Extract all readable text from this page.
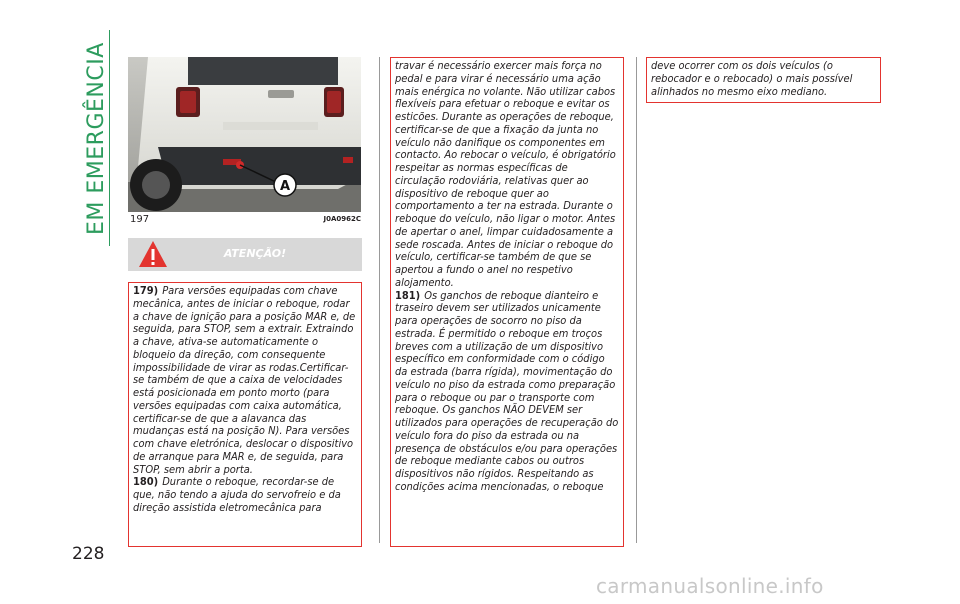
EM EMERGÊNCIA
228
A
197	J0A0962C
ATENÇÃO!

179) Para versões equipadas com chave mecânica, antes de iniciar o reboque, rodar a chave de ignição para a posição MAR e, de seguida, para STOP, sem a extrair. Extraindo a chave, ativa-se automaticamente o bloqueio da direção, com consequente impossibilidade de virar as rodas.Certificar-se também de que a caixa de velocidades está posicionada em ponto morto (para versões equipadas com caixa automática, certificar-se de que a alavanca das mudanças está na posição N). Para versões com chave eletrónica, deslocar o dispositivo de arranque para MAR e, de seguida, para STOP, sem abrir a porta.

180) Durante o reboque, recordar-se de que, não tendo a ajuda do servofreio e da direção assistida eletromecânica para

travar é necessário exercer mais força no pedal e para virar é necessário uma ação mais enérgica no volante. Não utilizar cabos flexíveis para efetuar o reboque e evitar os esticões. Durante as operações de reboque, certificar-se de que a fixação da junta no veículo não danifique os componentes em contacto. Ao rebocar o veículo, é obrigatório respeitar as normas específicas de circulação rodoviária, relativas quer ao dispositivo de reboque quer ao comportamento a ter na estrada. Durante o reboque do veículo, não ligar o motor. Antes de apertar o anel, limpar cuidadosamente a sede roscada. Antes de iniciar o reboque do veículo, certificar-se também de que se apertou a fundo o anel no respetivo alojamento.

181) Os ganchos de reboque dianteiro e traseiro devem ser utilizados unicamente para operações de socorro no piso da estrada. É permitido o reboque em troços breves com a utilização de um dispositivo específico em conformidade com o código da estrada (barra rígida), movimentação do veículo no piso da estrada como preparação para o reboque ou par o transporte com reboque. Os ganchos NÃO DEVEM ser utilizados para operações de recuperação do veículo fora do piso da estrada ou na presença de obstáculos e/ou para operações de reboque mediante cabos ou outros dispositivos não rígidos. Respeitando as condições acima mencionadas, o reboque

deve ocorrer com os dois veículos (o rebocador e o rebocado) o mais possível alinhados no mesmo eixo mediano.

carmanualsonline.info
